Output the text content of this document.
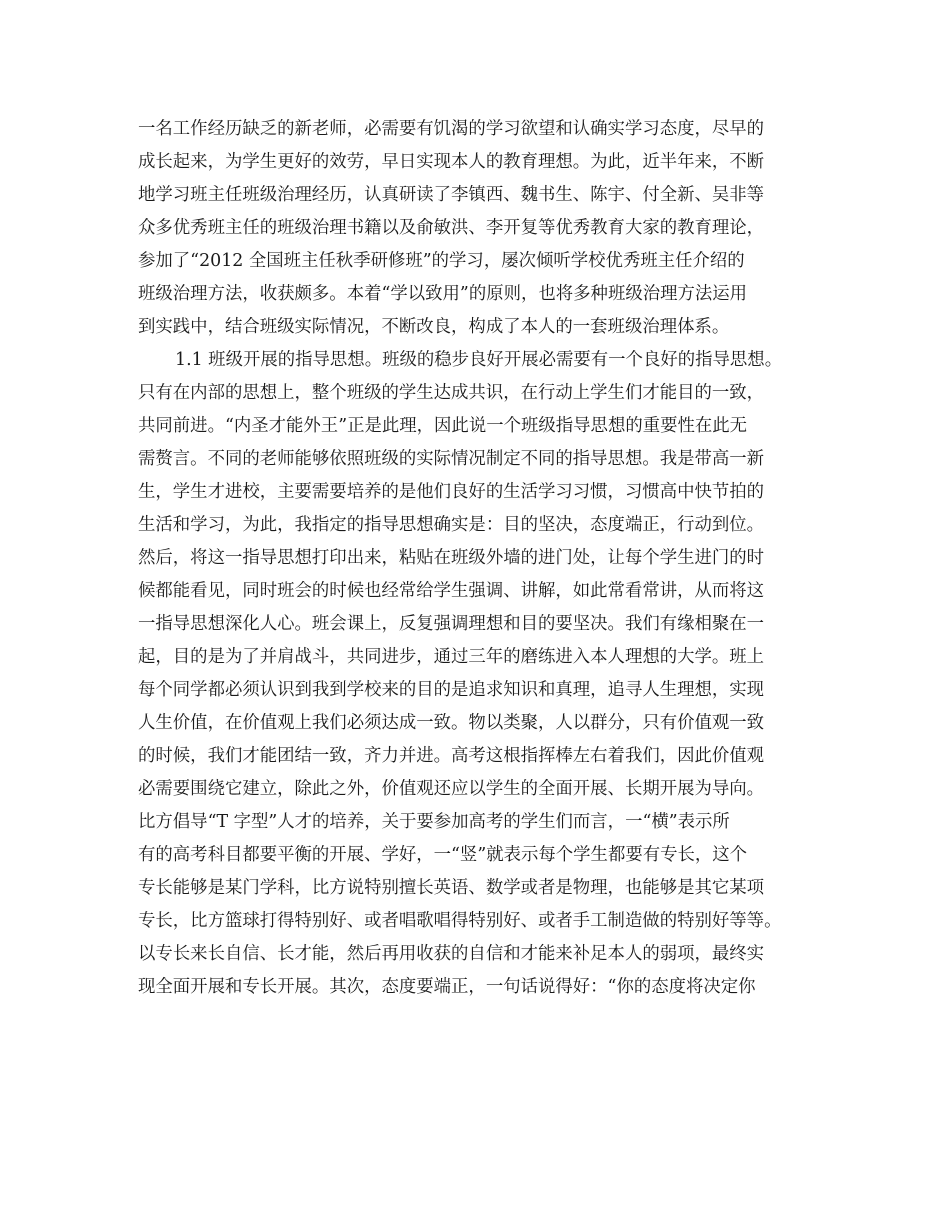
一名工作经历缺乏的新老师，必需要有饥渴的学习欲望和认确实学习态度，尽早的

成长起来，为学生更好的效劳，早日实现本人的教育理想。为此，近半年来，不断

地学习班主任班级治理经历，认真研读了李镇西、魏书生、陈宇、付全新、吴非等

众多优秀班主任的班级治理书籍以及俞敏洪、李开复等优秀教育大家的教育理论，

参加了“2012 全国班主任秋季研修班”的学习，屡次倾听学校优秀班主任介绍的

班级治理方法，收获颇多。本着“学以致用”的原则，也将多种班级治理方法运用

到实践中，结合班级实际情况，不断改良，构成了本人的一套班级治理体系。

1.1 班级开展的指导思想。班级的稳步良好开展必需要有一个良好的指导思想。

只有在内部的思想上，整个班级的学生达成共识，在行动上学生们才能目的一致，

共同前进。“内圣才能外王”正是此理，因此说一个班级指导思想的重要性在此无

需赘言。不同的老师能够依照班级的实际情况制定不同的指导思想。我是带高一新

生，学生才进校，主要需要培养的是他们良好的生活学习习惯，习惯高中快节拍的

生活和学习，为此，我指定的指导思想确实是：目的坚决，态度端正，行动到位。

然后，将这一指导思想打印出来，粘贴在班级外墙的进门处，让每个学生进门的时

候都能看见，同时班会的时候也经常给学生强调、讲解，如此常看常讲，从而将这

一指导思想深化人心。班会课上，反复强调理想和目的要坚决。我们有缘相聚在一

起，目的是为了并肩战斗，共同进步，通过三年的磨练进入本人理想的大学。班上

每个同学都必须认识到我到学校来的目的是追求知识和真理，追寻人生理想，实现

人生价值，在价值观上我们必须达成一致。物以类聚，人以群分，只有价值观一致

的时候，我们才能团结一致，齐力并进。高考这根指挥棒左右着我们，因此价值观

必需要围绕它建立，除此之外，价值观还应以学生的全面开展、长期开展为导向。

比方倡导“T 字型”人才的培养，关于要参加高考的学生们而言，一“横”表示所

有的高考科目都要平衡的开展、学好，一“竖”就表示每个学生都要有专长，这个

专长能够是某门学科，比方说特别擅长英语、数学或者是物理，也能够是其它某项

专长，比方篮球打得特别好、或者唱歌唱得特别好、或者手工制造做的特别好等等。

以专长来长自信、长才能，然后再用收获的自信和才能来补足本人的弱项，最终实

现全面开展和专长开展。其次，态度要端正，一句话说得好：“你的态度将决定你
